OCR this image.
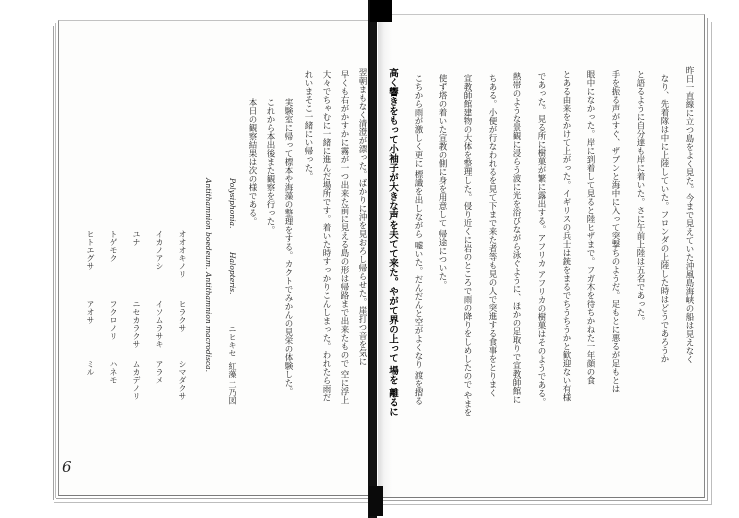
翌朝まもなく清澄が漂った。ばかりに沖を見おろし帰らせた。崖打つ音を気に
早くも右がかすかに霧が一つ出来た前に見える島の形は帰路まで出来たもので 空に浮上
大々でちゃむに一緒に進んだ場所です。着いた時すっかりこんしまった。われたら雨だ
れいまそこ一緒にい帰った。
実験室に帰って標本や海藻の整理をする。カクトでみかんの見栄の体験した。
これから本出後また観察を行った。
本日の観察結果は次の様である。
Polysiphonia.
Halopteris.
ニヒキセ
紅藻 二乃図
Antithamnion boedeum.
Antithamnion macrodisca.
オオオキノリ
ヒラクサ
シマダクサ
イカノアシ
イソムラサキ
アラメ
ユナ
ニセカラクサ
ムカデノリ
トゲモク
フクロノリ
ハネモ
ヒトエグサ
アオサ
ミル
6
昨日一直線に立つ島をよく見た。今まで見えていた沖風島海峡の船は見えなく
なり、先着隊は中に上陸していた。フロンダの上陸した時はどうであろうか
と語るように自分達も岸に着いた。さに午前上陸は五名であった。
手を振る声がすぐ、ザブンと海中に入って突撃ちのようだ。足もとに悪るが足もとは
眼中になかった。岸に到着して見ると陸ヒザまで。フガ木を待ちかねた一年顔の食
とある由来をかけて上がった。イギリスの兵士は銃をまるでちうちうかと歓迎ない有様
であった。見る所に樹菓が繁に露出する。アフリカ アフリカの樹菓はそのようである。
熱帯のような景観に浸らう波に光を浴びながら泳ぐように、ほかの足取りで宣教師館に
ちある。小便が行なわれるを見て下まで来た者等も見の人で突進する食事をとりまく
宣教師館建物の大体を整理した。侵り近くに岩のところで雨の降りをしめしたので やまを
使ず塔の着いた宣教の側に身を用意して 帰途についた。
こちから雨が激しく更に 標識を出しながら 嘘いた。だんだんと空がよくなり 渡を摺る
高く響きをもって小袖子が大きな声を夫てて来た。やがて界の上って 場を 離るに
